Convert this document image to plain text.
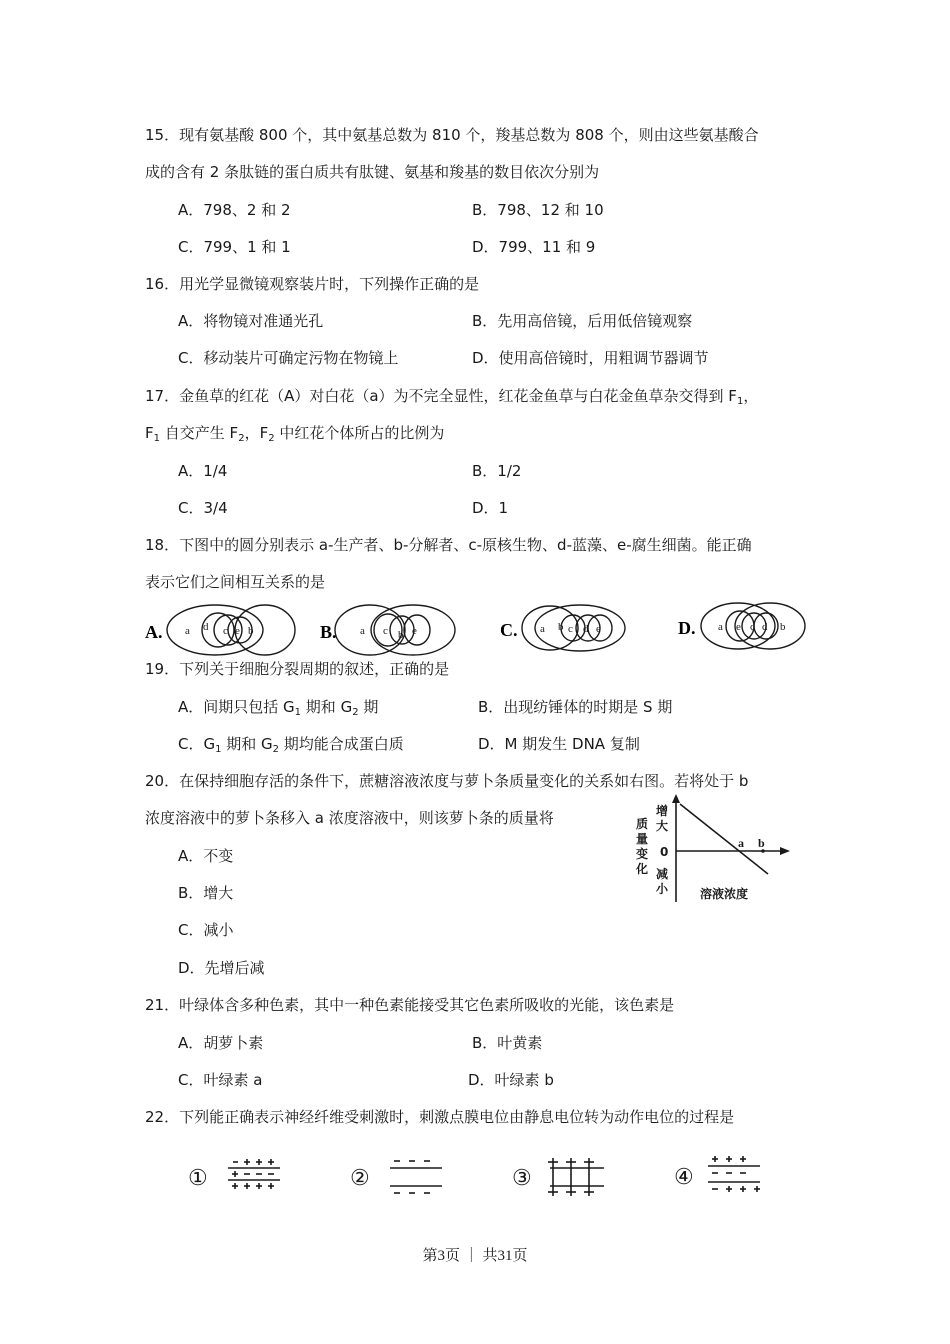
15．现有氨基酸 800 个，其中氨基总数为 810 个，羧基总数为 808 个，则由这些氨基酸合
成的含有 2 条肽链的蛋白质共有肽键、氨基和羧基的数目依次分别为
A．798、2 和 2	B．798、12 和 10
C．799、1 和 1	D．799、11 和 9
16．用光学显微镜观察装片时，下列操作正确的是
A．将物镜对准通光孔	B．先用高倍镜，后用低倍镜观察
C．移动装片可确定污物在物镜上	D．使用高倍镜时，用粗调节器调节
17．金鱼草的红花（A）对白花（a）为不完全显性，红花金鱼草与白花金鱼草杂交得到 $F_1$，
$F_1$ 自交产生 $F_2$，$F_2$ 中红花个体所占的比例为
A．1/4	B．1/2
C．3/4	D．1
18．下图中的圆分别表示 a-生产者、b-分解者、c-原核生物、d-蓝藻、e-腐生细菌。能正确
表示它们之间相互关系的是
A. a d c e b	B. a c b e	C. a b c d e	D. a e c d b
19．下列关于细胞分裂周期的叙述，正确的是
A．间期只包括 $G_1$ 期和 $G_2$ 期	B．出现纺锤体的时期是 S 期
C．$G_1$ 期和 $G_2$ 期均能合成蛋白质	D．M 期发生 DNA 复制
20．在保持细胞存活的条件下，蔗糖溶液浓度与萝卜条质量变化的关系如右图。若将处于 b
浓度溶液中的萝卜条移入 a 浓度溶液中，则该萝卜条的质量将
A．不变
B．增大
C．减小
D．先增后减
质
量
变
化
增
大
0
减
小	溶液浓度
a b
21．叶绿体含多种色素，其中一种色素能接受其它色素所吸收的光能，该色素是
A．胡萝卜素	B．叶黄素
C．叶绿素 a	D．叶绿素 b
22．下列能正确表示神经纤维受刺激时，刺激点膜电位由静息电位转为动作电位的过程是
①	②	③	④
第3页 ｜ 共31页
